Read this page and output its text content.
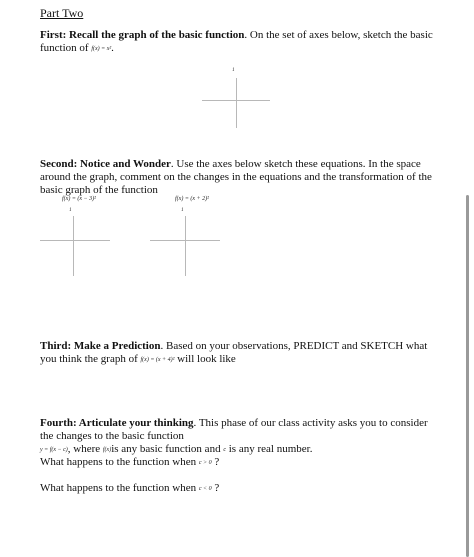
Part Two
First: Recall the graph of the basic function. On the set of axes below, sketch the basic
function of f(x) = x².
1
Second: Notice and Wonder. Use the axes below sketch these equations. In the space
around the graph, comment on the changes in the equations and the transformation of the
basic graph of the function
f(x) = (x − 3)²	f(x) = (x + 2)²
1	1
Third: Make a Prediction. Based on your observations, PREDICT and SKETCH what
you think the graph of f(x) = (x + 4)² will look like
Fourth: Articulate your thinking. This phase of our class activity asks you to consider
the changes to the basic function
y = f(x − c), where f(x)is any basic function and c is any real number.
What happens to the function when c > 0 ?
What happens to the function when c < 0 ?
